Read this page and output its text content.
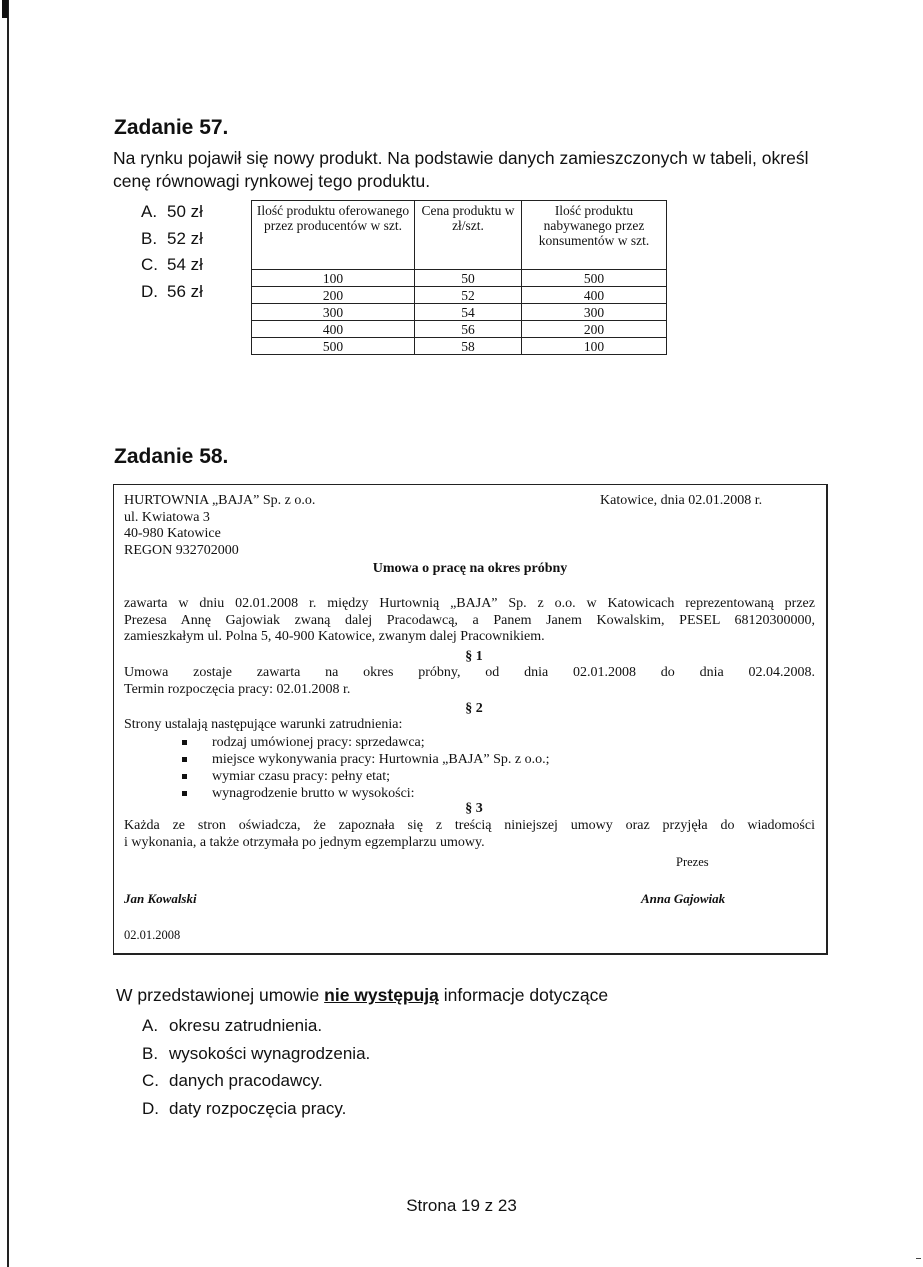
Zadanie 57.
Na rynku pojawił się nowy produkt. Na podstawie danych zamieszczonych w tabeli, określ cenę równowagi rynkowej tego produktu.
A. 50 zł
B. 52 zł
C. 54 zł
D. 56 zł
Ilość produktu oferowanego przez producentów w szt.	Cena produktu w zł/szt.	Ilość produktu nabywanego przez konsumentów w szt.
100	50	500
200	52	400
300	54	300
400	56	200
500	58	100
Zadanie 58.
HURTOWNIA „BAJA” Sp. z o.o.
ul. Kwiatowa 3
40-980 Katowice
REGON 932702000
Katowice, dnia 02.01.2008 r.
Umowa o pracę na okres próbny
zawarta w dniu 02.01.2008 r. między Hurtownią „BAJA” Sp. z o.o. w Katowicach reprezentowaną przez
Prezesa Annę Gajowiak zwaną dalej Pracodawcą, a Panem Janem Kowalskim, PESEL 68120300000,
zamieszkałym ul. Polna 5, 40-900 Katowice, zwanym dalej Pracownikiem.
§ 1
Umowa zostaje zawarta na okres próbny, od dnia 02.01.2008 do dnia 02.04.2008.
Termin rozpoczęcia pracy: 02.01.2008 r.
§ 2
Strony ustalają następujące warunki zatrudnienia:
rodzaj umówionej pracy: sprzedawca;
miejsce wykonywania pracy: Hurtownia „BAJA” Sp. z o.o.;
wymiar czasu pracy: pełny etat;
wynagrodzenie brutto w wysokości:
§ 3
Każda ze stron oświadcza, że zapoznała się z treścią niniejszej umowy oraz przyjęła do wiadomości
i wykonania, a także otrzymała po jednym egzemplarzu umowy.
Prezes
Jan Kowalski	Anna Gajowiak
02.01.2008
W przedstawionej umowie nie występują informacje dotyczące
A. okresu zatrudnienia.
B. wysokości wynagrodzenia.
C. danych pracodawcy.
D. daty rozpoczęcia pracy.
Strona 19 z 23
